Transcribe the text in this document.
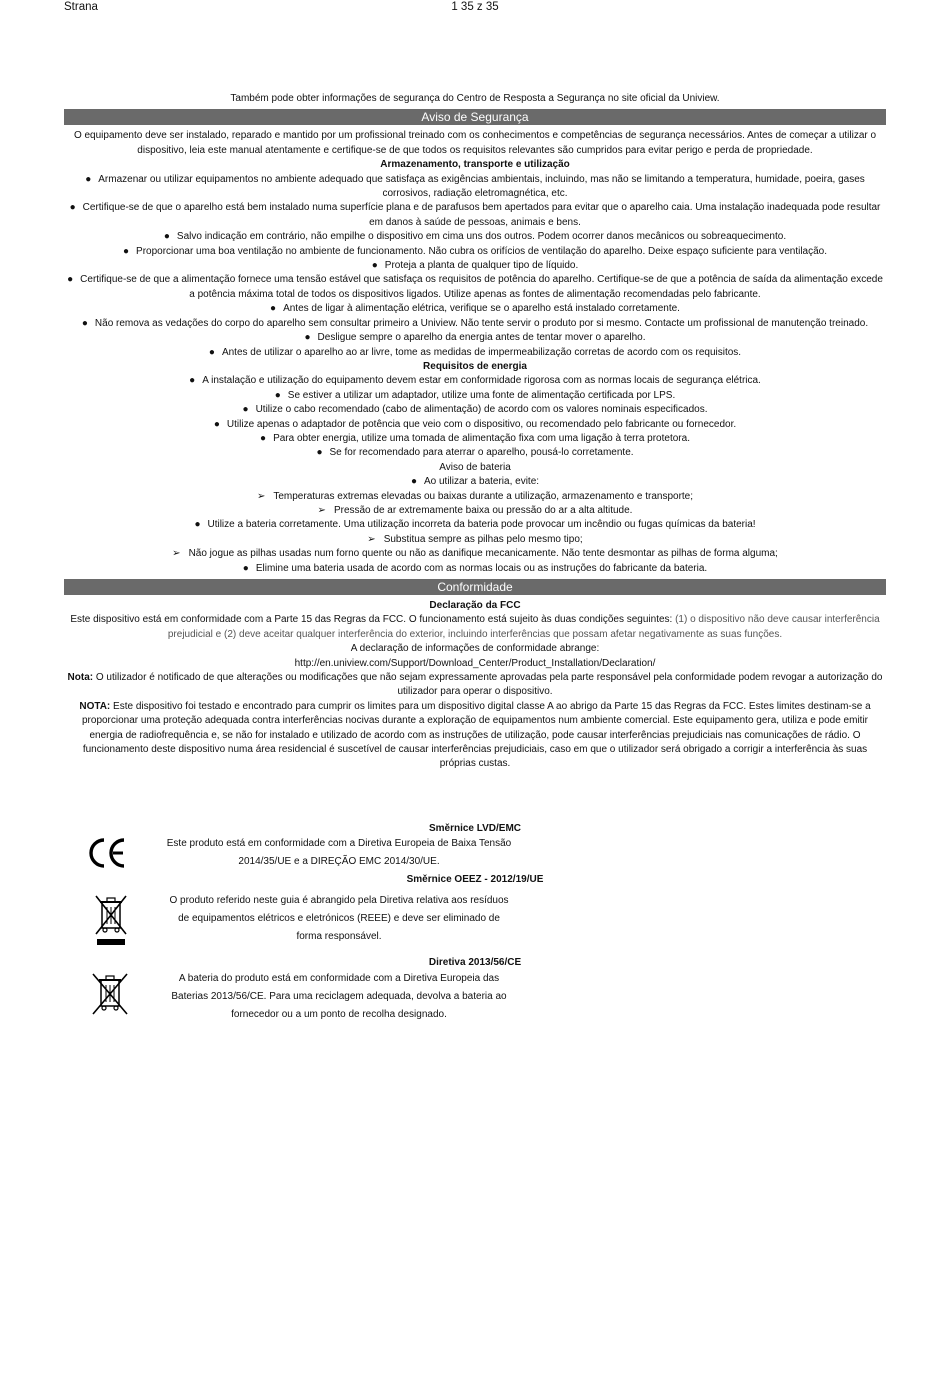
Strana	1 35 z 35

Também pode obter informações de segurança do Centro de Resposta a Segurança no site oficial da Uniview.

Aviso de Segurança

O equipamento deve ser instalado, reparado e mantido por um profissional treinado com os conhecimentos e competências de segurança necessários. Antes de começar a utilizar o dispositivo, leia este manual atentamente e certifique-se de que todos os requisitos relevantes são cumpridos para evitar perigo e perda de propriedade.

Armazenamento, transporte e utilização

● Armazenar ou utilizar equipamentos no ambiente adequado que satisfaça as exigências ambientais, incluindo, mas não se limitando a temperatura, humidade, poeira, gases corrosivos, radiação eletromagnética, etc.

● Certifique-se de que o aparelho está bem instalado numa superfície plana e de parafusos bem apertados para evitar que o aparelho caia. Uma instalação inadequada pode resultar em danos à saúde de pessoas, animais e bens.

● Salvo indicação em contrário, não empilhe o dispositivo em cima uns dos outros. Podem ocorrer danos mecânicos ou sobreaquecimento.

● Proporcionar uma boa ventilação no ambiente de funcionamento. Não cubra os orifícios de ventilação do aparelho. Deixe espaço suficiente para ventilação.

● Proteja a planta de qualquer tipo de líquido.

● Certifique-se de que a alimentação fornece uma tensão estável que satisfaça os requisitos de potência do aparelho. Certifique-se de que a potência de saída da alimentação excede a potência máxima total de todos os dispositivos ligados. Utilize apenas as fontes de alimentação recomendadas pelo fabricante.

● Antes de ligar à alimentação elétrica, verifique se o aparelho está instalado corretamente.

● Não remova as vedações do corpo do aparelho sem consultar primeiro a Uniview. Não tente servir o produto por si mesmo. Contacte um profissional de manutenção treinado.

● Desligue sempre o aparelho da energia antes de tentar mover o aparelho.

● Antes de utilizar o aparelho ao ar livre, tome as medidas de impermeabilização corretas de acordo com os requisitos.

Requisitos de energia

● A instalação e utilização do equipamento devem estar em conformidade rigorosa com as normas locais de segurança elétrica.

● Se estiver a utilizar um adaptador, utilize uma fonte de alimentação certificada por LPS.

● Utilize o cabo recomendado (cabo de alimentação) de acordo com os valores nominais especificados.

● Utilize apenas o adaptador de potência que veio com o dispositivo, ou recomendado pelo fabricante ou fornecedor.

● Para obter energia, utilize uma tomada de alimentação fixa com uma ligação à terra protetora.

● Se for recomendado para aterrar o aparelho, pousá-lo corretamente.

Aviso de bateria

● Ao utilizar a bateria, evite:

➢ Temperaturas extremas elevadas ou baixas durante a utilização, armazenamento e transporte;

➢ Pressão de ar extremamente baixa ou pressão do ar a alta altitude.

● Utilize a bateria corretamente. Uma utilização incorreta da bateria pode provocar um incêndio ou fugas químicas da bateria!

➢ Substitua sempre as pilhas pelo mesmo tipo;

➢ Não jogue as pilhas usadas num forno quente ou não as danifique mecanicamente. Não tente desmontar as pilhas de forma alguma;

● Elimine uma bateria usada de acordo com as normas locais ou as instruções do fabricante da bateria.

Conformidade

Declaração da FCC

Este dispositivo está em conformidade com a Parte 15 das Regras da FCC. O funcionamento está sujeito às duas condições seguintes: (1) o dispositivo não deve causar interferência prejudicial e (2) deve aceitar qualquer interferência do exterior, incluindo interferências que possam afetar negativamente as suas funções.

A declaração de informações de conformidade abrange:

http://en.uniview.com/Support/Download_Center/Product_Installation/Declaration/

Nota: O utilizador é notificado de que alterações ou modificações que não sejam expressamente aprovadas pela parte responsável pela conformidade podem revogar a autorização do utilizador para operar o dispositivo.

NOTA: Este dispositivo foi testado e encontrado para cumprir os limites para um dispositivo digital classe A ao abrigo da Parte 15 das Regras da FCC. Estes limites destinam-se a proporcionar uma proteção adequada contra interferências nocivas durante a exploração de equipamentos num ambiente comercial. Este equipamento gera, utiliza e pode emitir energia de radiofrequência e, se não for instalado e utilizado de acordo com as instruções de utilização, pode causar interferências prejudiciais nas comunicações de rádio. O funcionamento deste dispositivo numa área residencial é suscetível de causar interferências prejudiciais, caso em que o utilizador será obrigado a corrigir a interferência às suas próprias custas.

Směrnice LVD/EMC
Este produto está em conformidade com a Diretiva Europeia de Baixa Tensão
2014/35/UE e a DIREÇÃO EMC 2014/30/UE.
Směrnice OEEZ - 2012/19/UE
O produto referido neste guia é abrangido pela Diretiva relativa aos resíduos
de equipamentos elétricos e eletrónicos (REEE) e deve ser eliminado de
forma responsável.
Diretiva 2013/56/CE
A bateria do produto está em conformidade com a Diretiva Europeia das
Baterias 2013/56/CE. Para uma reciclagem adequada, devolva a bateria ao
fornecedor ou a um ponto de recolha designado.
